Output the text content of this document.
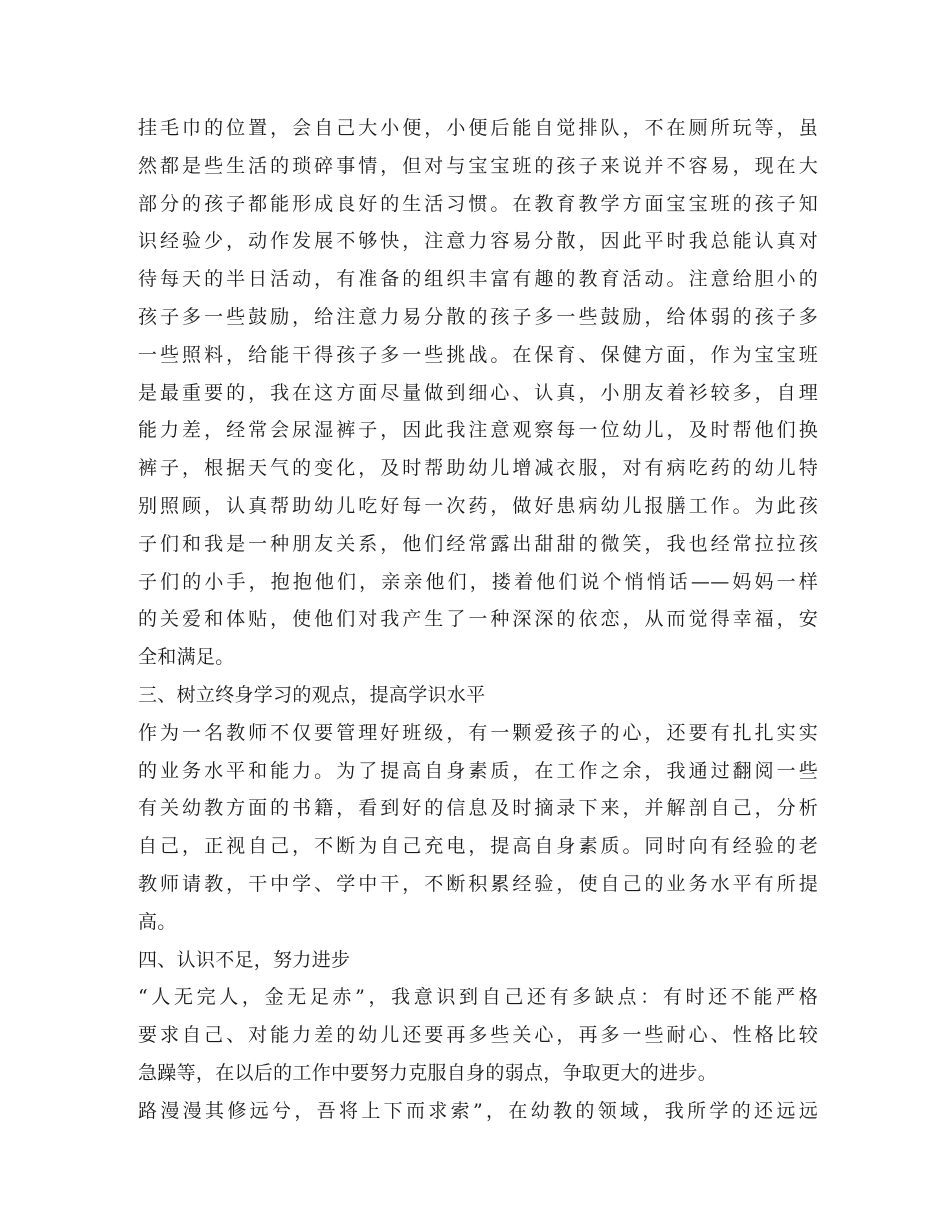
挂毛巾的位置，会自己大小便，小便后能自觉排队，不在厕所玩等，虽
然都是些生活的琐碎事情，但对与宝宝班的孩子来说并不容易，现在大
部分的孩子都能形成良好的生活习惯。在教育教学方面宝宝班的孩子知
识经验少，动作发展不够快，注意力容易分散，因此平时我总能认真对
待每天的半日活动，有准备的组织丰富有趣的教育活动。注意给胆小的
孩子多一些鼓励，给注意力易分散的孩子多一些鼓励，给体弱的孩子多
一些照料，给能干得孩子多一些挑战。在保育、保健方面，作为宝宝班
是最重要的，我在这方面尽量做到细心、认真，小朋友着衫较多，自理
能力差，经常会尿湿裤子，因此我注意观察每一位幼儿，及时帮他们换
裤子，根据天气的变化，及时帮助幼儿增减衣服，对有病吃药的幼儿特
别照顾，认真帮助幼儿吃好每一次药，做好患病幼儿报膳工作。为此孩
子们和我是一种朋友关系，他们经常露出甜甜的微笑，我也经常拉拉孩
子们的小手，抱抱他们，亲亲他们，搂着他们说个悄悄话——妈妈一样
的关爱和体贴，使他们对我产生了一种深深的依恋，从而觉得幸福，安
全和满足。
三、树立终身学习的观点，提高学识水平
作为一名教师不仅要管理好班级，有一颗爱孩子的心，还要有扎扎实实
的业务水平和能力。为了提高自身素质，在工作之余，我通过翻阅一些
有关幼教方面的书籍，看到好的信息及时摘录下来，并解剖自己，分析
自己，正视自己，不断为自己充电，提高自身素质。同时向有经验的老
教师请教，干中学、学中干，不断积累经验，使自己的业务水平有所提
高。
四、认识不足，努力进步
“人无完人，金无足赤”，我意识到自己还有多缺点：有时还不能严格
要求自己、对能力差的幼儿还要再多些关心，再多一些耐心、性格比较
急躁等，在以后的工作中要努力克服自身的弱点，争取更大的进步。
路漫漫其修远兮，吾将上下而求索”，在幼教的领域，我所学的还远远
